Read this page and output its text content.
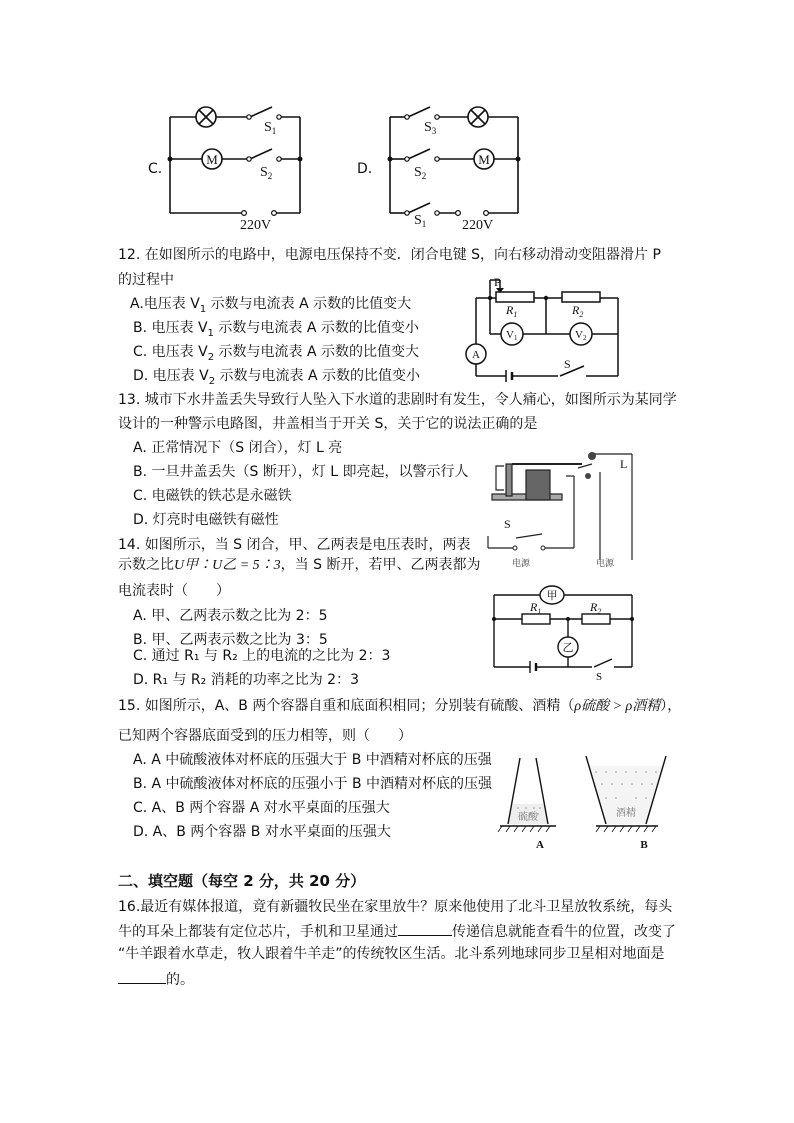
C.
M
$S_1$
$S_2$
220V
D.
M
$S_3$
$S_2$
$S_1$	220V
12. 在如图所示的电路中，电源电压保持不变．闭合电键 S，向右移动滑动变阻器滑片 P
的过程中
A.电压表 $V_1$ 示数与电流表 A 示数的比值变大
B. 电压表 $V_1$ 示数与电流表 A 示数的比值变小
C. 电压表 $V_2$ 示数与电流表 A 示数的比值变大
D. 电压表 $V_2$ 示数与电流表 A 示数的比值变小
P
$R_1$	$R_2$
V1	V2
A
S
13. 城市下水井盖丢失导致行人坠入下水道的悲剧时有发生，令人痛心，如图所示为某同学
设计的一种警示电路图，井盖相当于开关 S，关于它的说法正确的是
A. 正常情况下（S 闭合），灯 L 亮
B. 一旦井盖丢失（S 断开），灯 L 即亮起，以警示行人
C. 电磁铁的铁芯是永磁铁
D. 灯亮时电磁铁有磁性
L
S
电源	电源
14. 如图所示，当 S 闭合，甲、乙两表是电压表时，两表
示数之比U甲∶U乙 = 5∶3，当 S 断开，若甲、乙两表都为
电流表时（　　）
A. 甲、乙两表示数之比为 2：5
B. 甲、乙两表示数之比为 3：5
C. 通过 R₁ 与 R₂ 上的电流的之比为 2：3
D. R₁ 与 R₂ 消耗的功率之比为 2：3
甲
乙
$R_1$	$R_2$
S
15. 如图所示，A、B 两个容器自重和底面积相同；分别装有硫酸、酒精（ρ硫酸 > ρ酒精），
已知两个容器底面受到的压力相等，则（　　）
A. A 中硫酸液体对杯底的压强大于 B 中酒精对杯底的压强
B. A 中硫酸液体对杯底的压强小于 B 中酒精对杯底的压强
C. A、B 两个容器 A 对水平桌面的压强大
D. A、B 两个容器 B 对水平桌面的压强大
硫酸	酒精
A	B
二、填空题（每空 2 分，共 20 分）
16.最近有媒体报道，竟有新疆牧民坐在家里放牛？原来他使用了北斗卫星放牧系统，每头
牛的耳朵上都装有定位芯片，手机和卫星通过	传递信息就能查看牛的位置，改变了
“牛羊跟着水草走，牧人跟着牛羊走”的传统牧区生活。北斗系列地球同步卫星相对地面是
的。
